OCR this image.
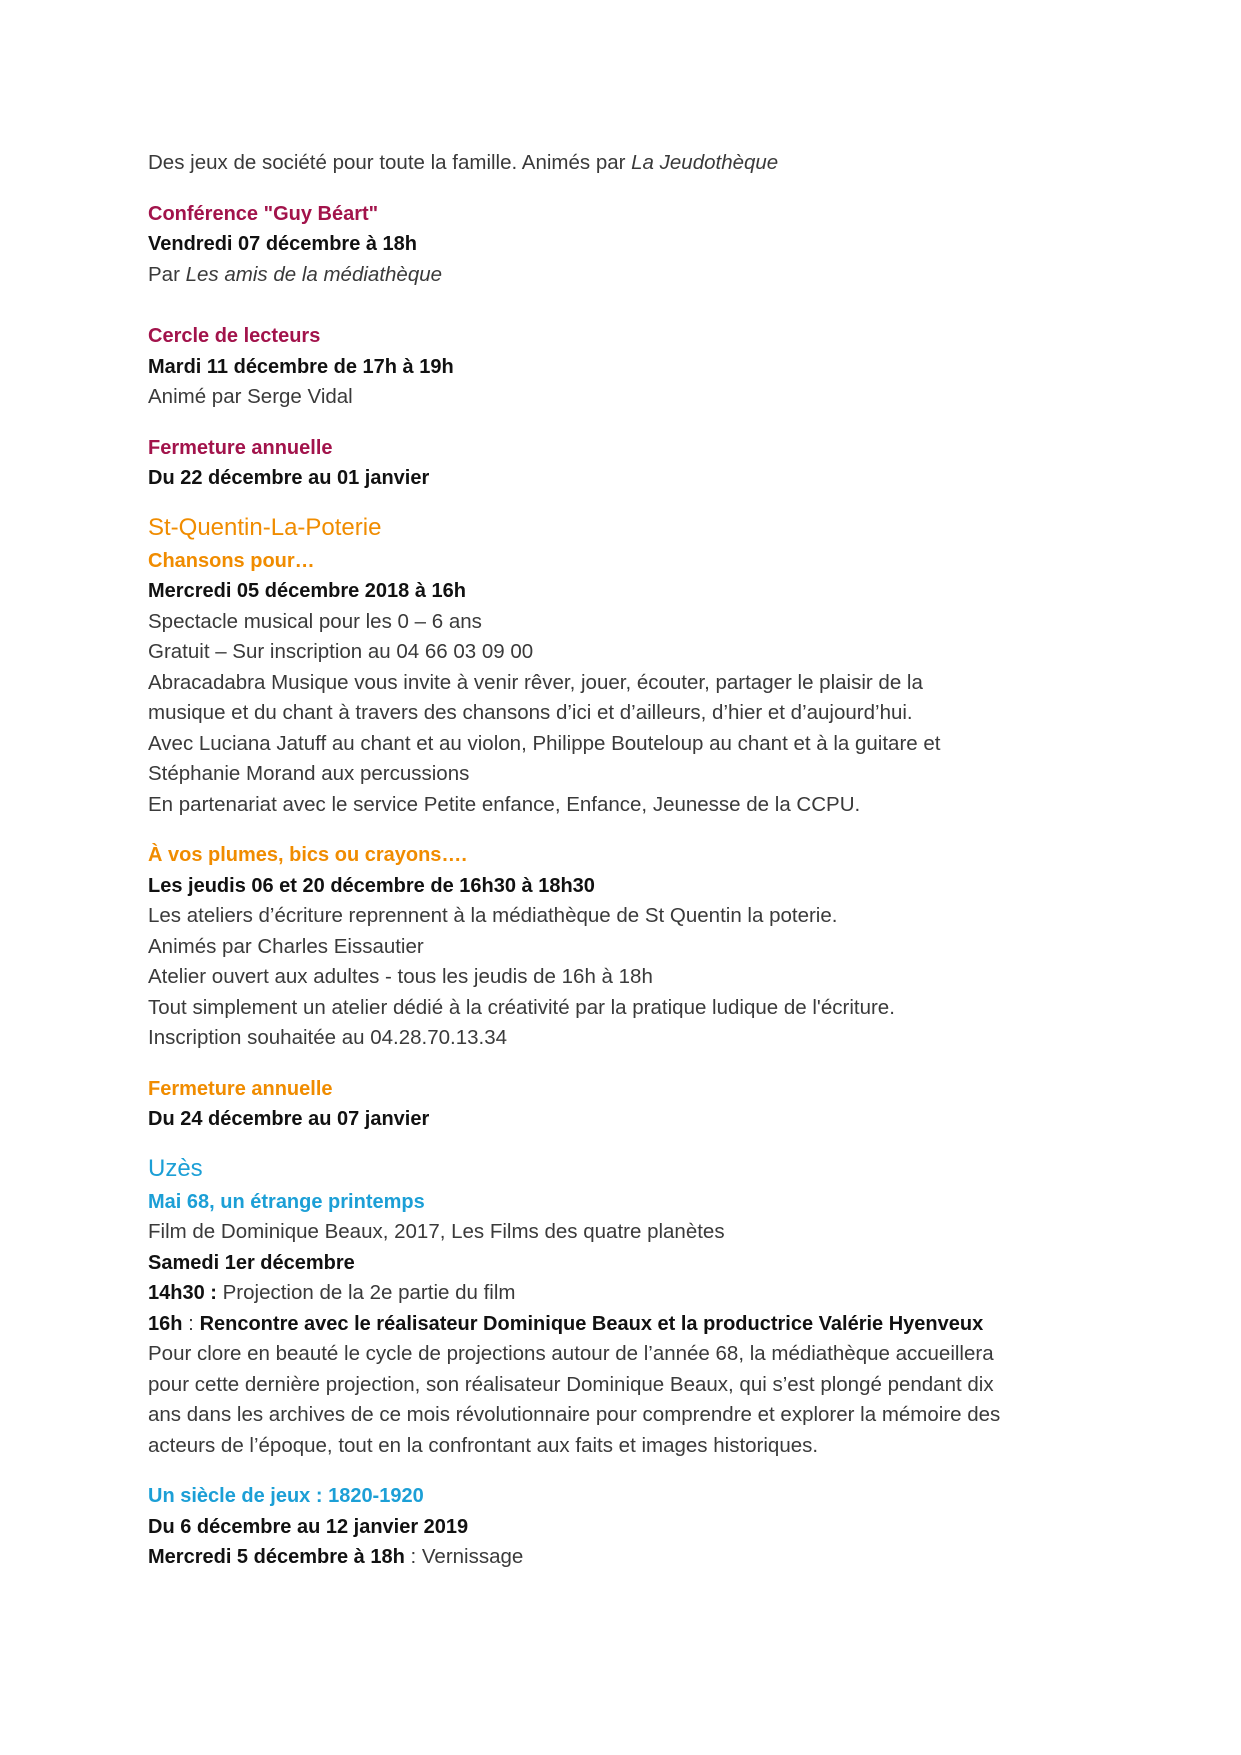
Des jeux de société pour toute la famille. Animés par La Jeudothèque
Conférence "Guy Béart"
Vendredi 07 décembre à 18h
Par Les amis de la médiathèque
Cercle de lecteurs
Mardi 11 décembre de 17h à 19h
Animé par Serge Vidal
Fermeture annuelle
Du 22 décembre au 01 janvier
St-Quentin-La-Poterie
Chansons pour…
Mercredi 05 décembre 2018 à 16h
Spectacle musical pour les 0 – 6 ans
Gratuit – Sur inscription au 04 66 03 09 00
Abracadabra Musique vous invite à venir rêver, jouer, écouter, partager le plaisir de la
musique et du chant à travers des chansons d’ici et d’ailleurs, d’hier et d’aujourd’hui.
Avec Luciana Jatuff au chant et au violon, Philippe Bouteloup au chant et à la guitare et
Stéphanie Morand aux percussions
En partenariat avec le service Petite enfance, Enfance, Jeunesse de la CCPU.
À vos plumes, bics ou crayons….
Les jeudis 06 et 20 décembre de 16h30 à 18h30
Les ateliers d’écriture reprennent à la médiathèque de St Quentin la poterie.
Animés par Charles Eissautier
Atelier ouvert aux adultes - tous les jeudis de 16h à 18h
Tout simplement un atelier dédié à la créativité par la pratique ludique de l'écriture.
Inscription souhaitée au 04.28.70.13.34
Fermeture annuelle
Du 24 décembre au 07 janvier
Uzès
Mai 68, un étrange printemps
Film de Dominique Beaux, 2017, Les Films des quatre planètes
Samedi 1er décembre
14h30 : Projection de la 2e partie du film
16h : Rencontre avec le réalisateur Dominique Beaux et la productrice Valérie Hyenveux
Pour clore en beauté le cycle de projections autour de l’année 68, la médiathèque accueillera
pour cette dernière projection, son réalisateur Dominique Beaux, qui s’est plongé pendant dix
ans dans les archives de ce mois révolutionnaire pour comprendre et explorer la mémoire des
acteurs de l’époque, tout en la confrontant aux faits et images historiques.
Un siècle de jeux : 1820-1920
Du 6 décembre au 12 janvier 2019
Mercredi 5 décembre à 18h : Vernissage
